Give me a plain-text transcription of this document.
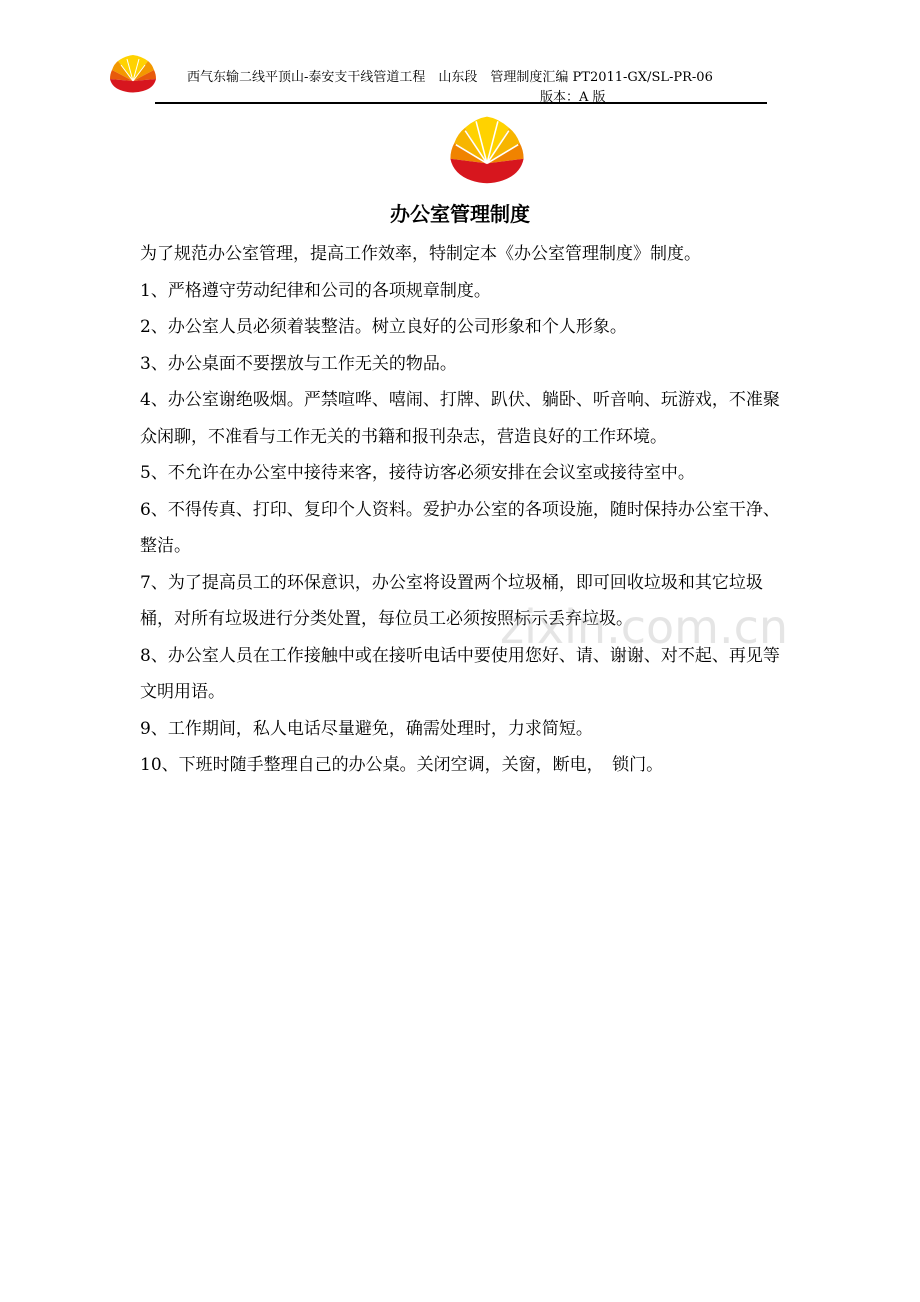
西气东输二线平顶山-泰安支干线管道工程　山东段　管理制度汇编 PT2011-GX/SL-PR-06
版本：A 版
办公室管理制度

为了规范办公室管理，提高工作效率，特制定本《办公室管理制度》制度。

1、严格遵守劳动纪律和公司的各项规章制度。

2、办公室人员必须着装整洁。树立良好的公司形象和个人形象。

3、办公桌面不要摆放与工作无关的物品。

4、办公室谢绝吸烟。严禁喧哗、嘻闹、打牌、趴伏、躺卧、听音响、玩游戏，不准聚众闲聊，不准看与工作无关的书籍和报刊杂志，营造良好的工作环境。

5、不允许在办公室中接待来客，接待访客必须安排在会议室或接待室中。

6、不得传真、打印、复印个人资料。爱护办公室的各项设施，随时保持办公室干净、整洁。

7、为了提高员工的环保意识，办公室将设置两个垃圾桶，即可回收垃圾和其它垃圾桶，对所有垃圾进行分类处置，每位员工必须按照标示丢弃垃圾。

8、办公室人员在工作接触中或在接听电话中要使用您好、请、谢谢、对不起、再见等文明用语。

9、工作期间，私人电话尽量避免，确需处理时，力求简短。

10、下班时随手整理自己的办公桌。关闭空调，关窗，断电，　锁门。

zixin.com.cn
